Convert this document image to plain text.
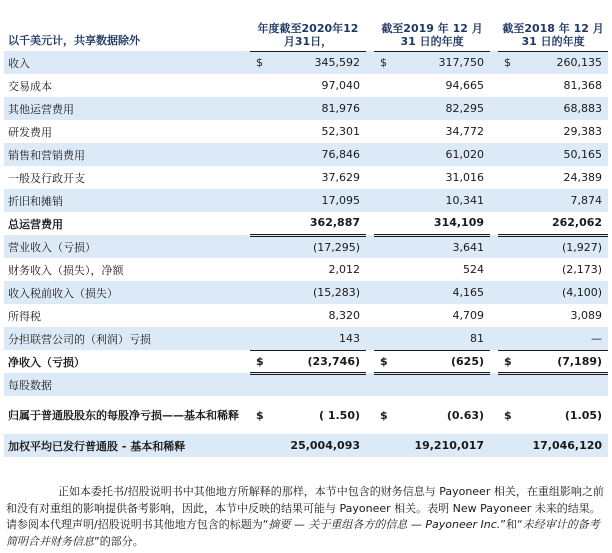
以千美元计，共享数据除外	年度截至2020年12月31日，			截至2019 年 12 月 31 日的年度			截至2018 年 12 月 31 日的年度	
收入	$	345,592		$	317,750		$	260,135
交易成本		97,040			94,665			81,368
其他运营费用		81,976			82,295			68,883
研发费用		52,301			34,772			29,383
销售和营销费用		76,846			61,020			50,165
一般及行政开支		37,629			31,016			24,389
折旧和摊销		17,095			10,341			7,874
总运营费用		362,887			314,109			262,062
营业收入（亏损）		(17,295)			3,641			(1,927)
财务收入（损失），净额		2,012			524			(2,173)
收入税前收入（损失）		(15,283)			4,165			(4,100)
所得税		8,320			4,709			3,089
分担联营公司的（利润）亏损		143			81			—
净收入（亏损）	$	(23,746)		$	(625)		$	(7,189)
每股数据								
归属于普通股股东的每股净亏损——基本和稀释	$	( 1.50)		$	(0.63)		$	(1.05)
加权平均已发行普通股 - 基本和稀释		25,004,093			19,210,017			17,046,120

正如本委托书/招股说明书中其他地方所解释的那样，本节中包含的财务信息与 Payoneer 相关，在重组影响之前和没有对重组的影响提供备考影响，因此，本节中反映的结果可能与 Payoneer 相关。表明 New Payoneer 未来的结果。请参阅本代理声明/招股说明书其他地方包含的标题为“摘要 — 关于重组各方的信息 — Payoneer Inc.”和“未经审计的备考简明合并财务信息”的部分。
